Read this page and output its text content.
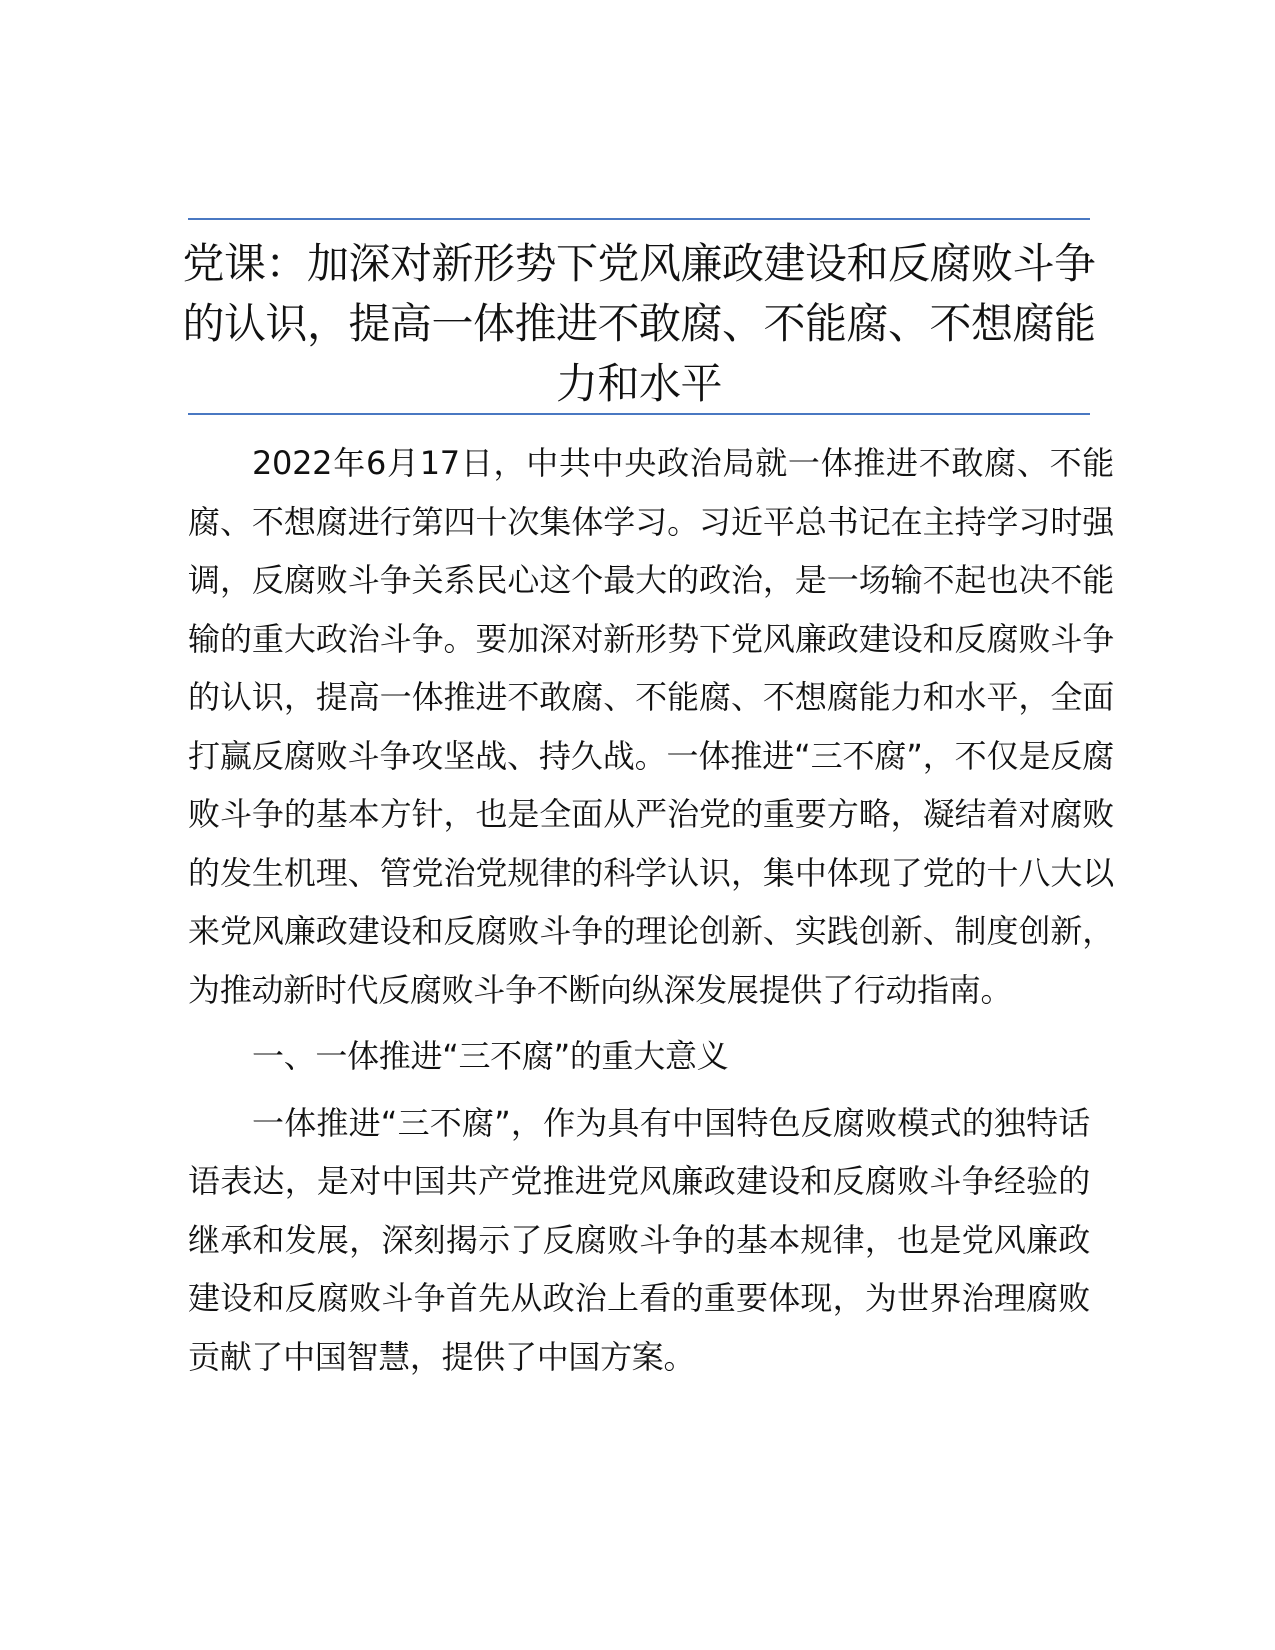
党课：加深对新形势下党风廉政建设和反腐败斗争的认识，提高一体推进不敢腐、不能腐、不想腐能力和水平

2022年6月17日，中共中央政治局就一体推进不敢腐、不能腐、不想腐进行第四十次集体学习。习近平总书记在主持学习时强调，反腐败斗争关系民心这个最大的政治，是一场输不起也决不能输的重大政治斗争。要加深对新形势下党风廉政建设和反腐败斗争的认识，提高一体推进不敢腐、不能腐、不想腐能力和水平，全面打赢反腐败斗争攻坚战、持久战。一体推进“三不腐”，不仅是反腐败斗争的基本方针，也是全面从严治党的重要方略，凝结着对腐败的发生机理、管党治党规律的科学认识，集中体现了党的十八大以来党风廉政建设和反腐败斗争的理论创新、实践创新、制度创新，为推动新时代反腐败斗争不断向纵深发展提供了行动指南。

一、一体推进“三不腐”的重大意义

一体推进“三不腐”，作为具有中国特色反腐败模式的独特话语表达，是对中国共产党推进党风廉政建设和反腐败斗争经验的继承和发展，深刻揭示了反腐败斗争的基本规律，也是党风廉政建设和反腐败斗争首先从政治上看的重要体现，为世界治理腐败贡献了中国智慧，提供了中国方案。
